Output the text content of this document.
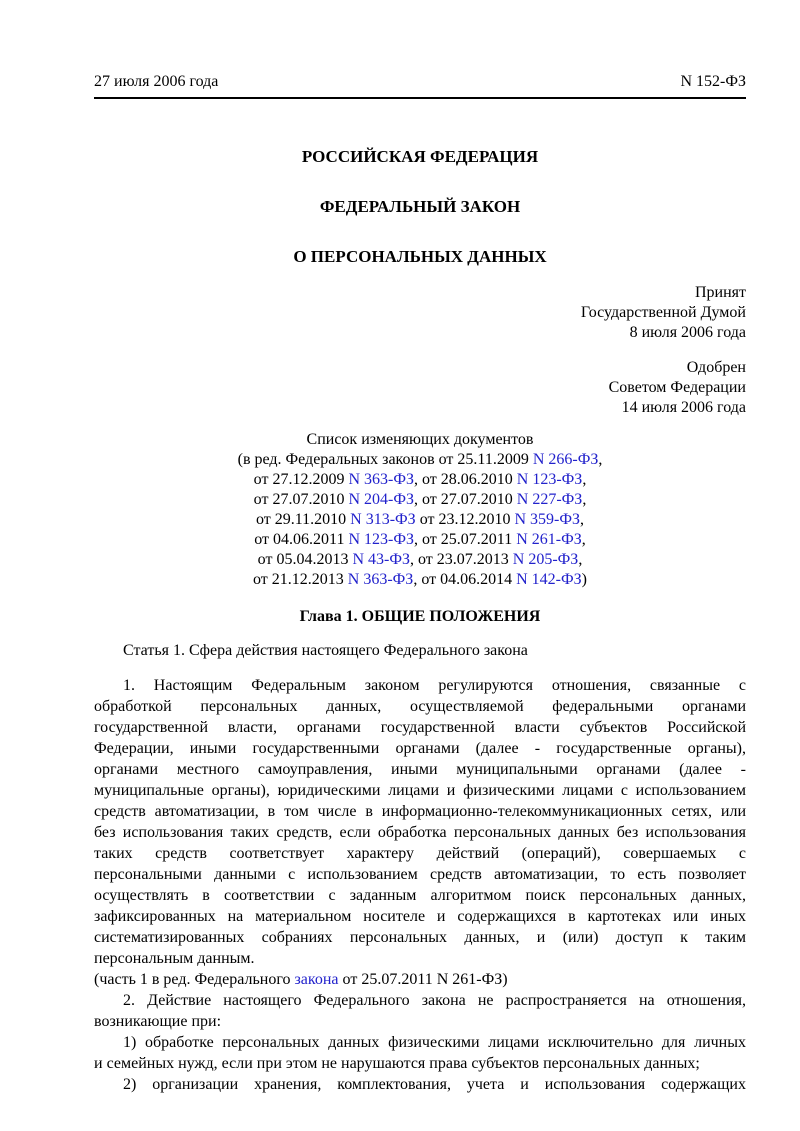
27 июля 2006 года	N 152-ФЗ
РОССИЙСКАЯ ФЕДЕРАЦИЯ
ФЕДЕРАЛЬНЫЙ ЗАКОН
О ПЕРСОНАЛЬНЫХ ДАННЫХ
Принят
Государственной Думой
8 июля 2006 года
Одобрен
Советом Федерации
14 июля 2006 года
Список изменяющих документов
(в ред. Федеральных законов от 25.11.2009 N 266-ФЗ,
от 27.12.2009 N 363-ФЗ, от 28.06.2010 N 123-ФЗ,
от 27.07.2010 N 204-ФЗ, от 27.07.2010 N 227-ФЗ,
от 29.11.2010 N 313-ФЗ от 23.12.2010 N 359-ФЗ,
от 04.06.2011 N 123-ФЗ, от 25.07.2011 N 261-ФЗ,
от 05.04.2013 N 43-ФЗ, от 23.07.2013 N 205-ФЗ,
от 21.12.2013 N 363-ФЗ, от 04.06.2014 N 142-ФЗ)
Глава 1. ОБЩИЕ ПОЛОЖЕНИЯ
Статья 1. Сфера действия настоящего Федерального закона
1. Настоящим Федеральным законом регулируются отношения, связанные с
обработкой персональных данных, осуществляемой федеральными органами
государственной власти, органами государственной власти субъектов Российской
Федерации, иными государственными органами (далее - государственные органы),
органами местного самоуправления, иными муниципальными органами (далее -
муниципальные органы), юридическими лицами и физическими лицами с использованием
средств автоматизации, в том числе в информационно-телекоммуникационных сетях, или
без использования таких средств, если обработка персональных данных без использования
таких средств соответствует характеру действий (операций), совершаемых с
персональными данными с использованием средств автоматизации, то есть позволяет
осуществлять в соответствии с заданным алгоритмом поиск персональных данных,
зафиксированных на материальном носителе и содержащихся в картотеках или иных
систематизированных собраниях персональных данных, и (или) доступ к таким
персональным данным.
(часть 1 в ред. Федерального закона от 25.07.2011 N 261-ФЗ)
2. Действие настоящего Федерального закона не распространяется на отношения,
возникающие при:
1) обработке персональных данных физическими лицами исключительно для личных
и семейных нужд, если при этом не нарушаются права субъектов персональных данных;
2) организации хранения, комплектования, учета и использования содержащих
